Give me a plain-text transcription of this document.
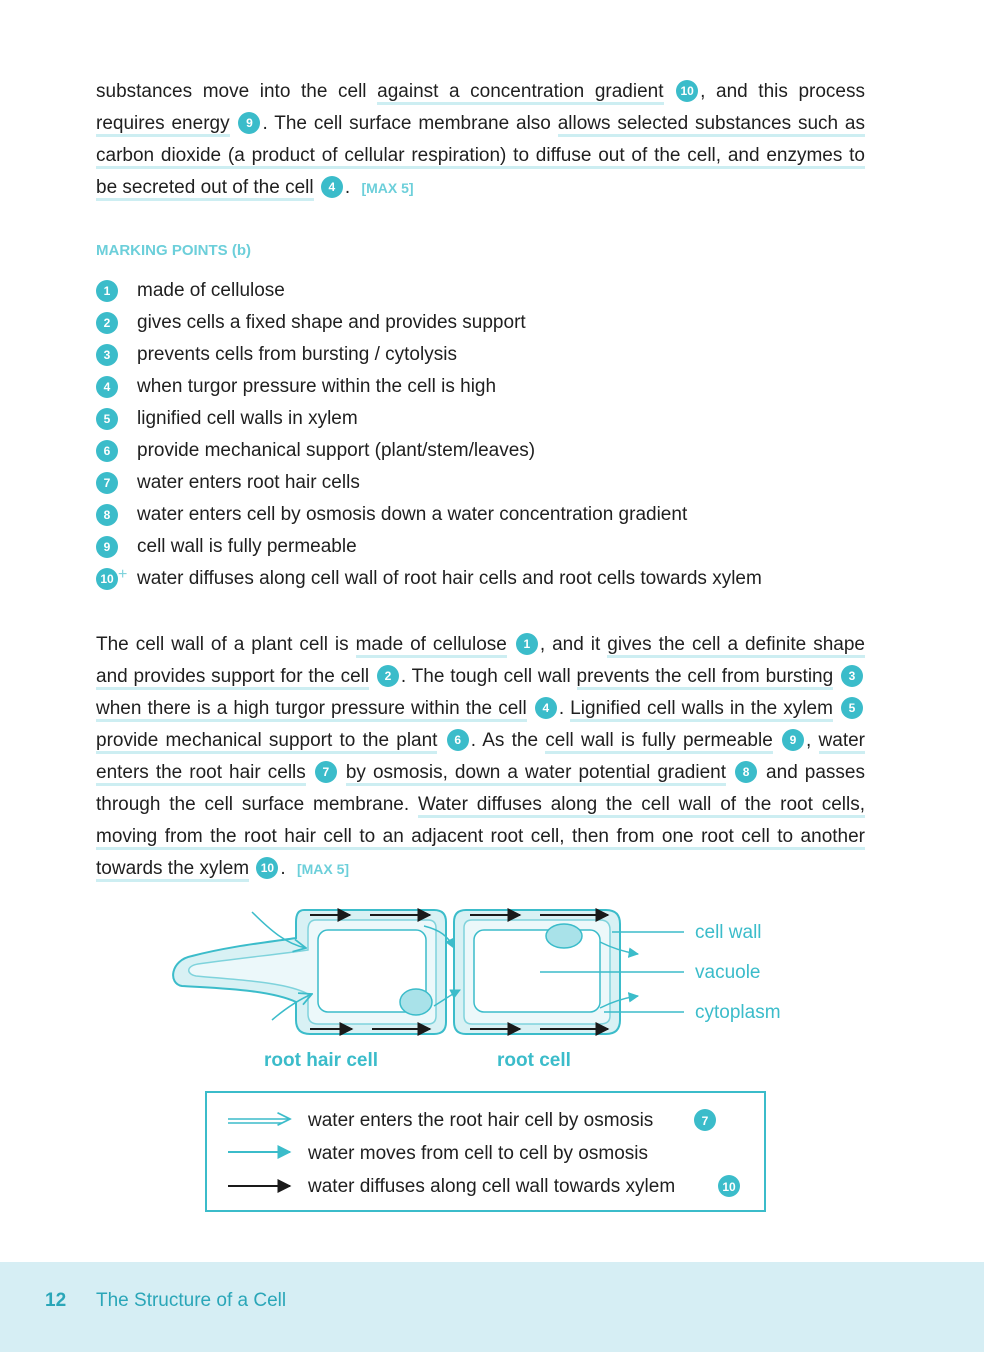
substances move into the cell against a concentration gradient 10 , and this process requires energy 9 . The cell surface membrane also allows selected substances such as carbon dioxide (a product of cellular respiration) to diffuse out of the cell, and enzymes to be secreted out of the cell 4 . [MAX 5]

MARKING POINTS (b)
1	made of cellulose
2	gives cells a fixed shape and provides support
3	prevents cells from bursting / cytolysis
4	when turgor pressure within the cell is high
5	lignified cell walls in xylem
6	provide mechanical support (plant/stem/leaves)
7	water enters root hair cells
8	water enters cell by osmosis down a water concentration gradient
9	cell wall is fully permeable
10 + water diffuses along cell wall of root hair cells and root cells towards xylem

The cell wall of a plant cell is made of cellulose 1 , and it gives the cell a definite shape and provides support for the cell 2 . The tough cell wall prevents the cell from bursting 3 when there is a high turgor pressure within the cell 4 . Lignified cell walls in the xylem 5 provide mechanical support to the plant 6 . As the cell wall is fully permeable 9 , water enters the root hair cells 7 by osmosis, down a water potential gradient 8 and passes through the cell surface membrane. Water diffuses along the cell wall of the root cells, moving from the root hair cell to an adjacent root cell, then from one root cell to another towards the xylem 10 . [MAX 5]

cell wall
vacuole
cytoplasm
root hair cell	root cell
water enters the root hair cell by osmosis
water moves from cell to cell by osmosis
water diffuses along cell wall towards xylem
7
10
12 The Structure of a Cell
